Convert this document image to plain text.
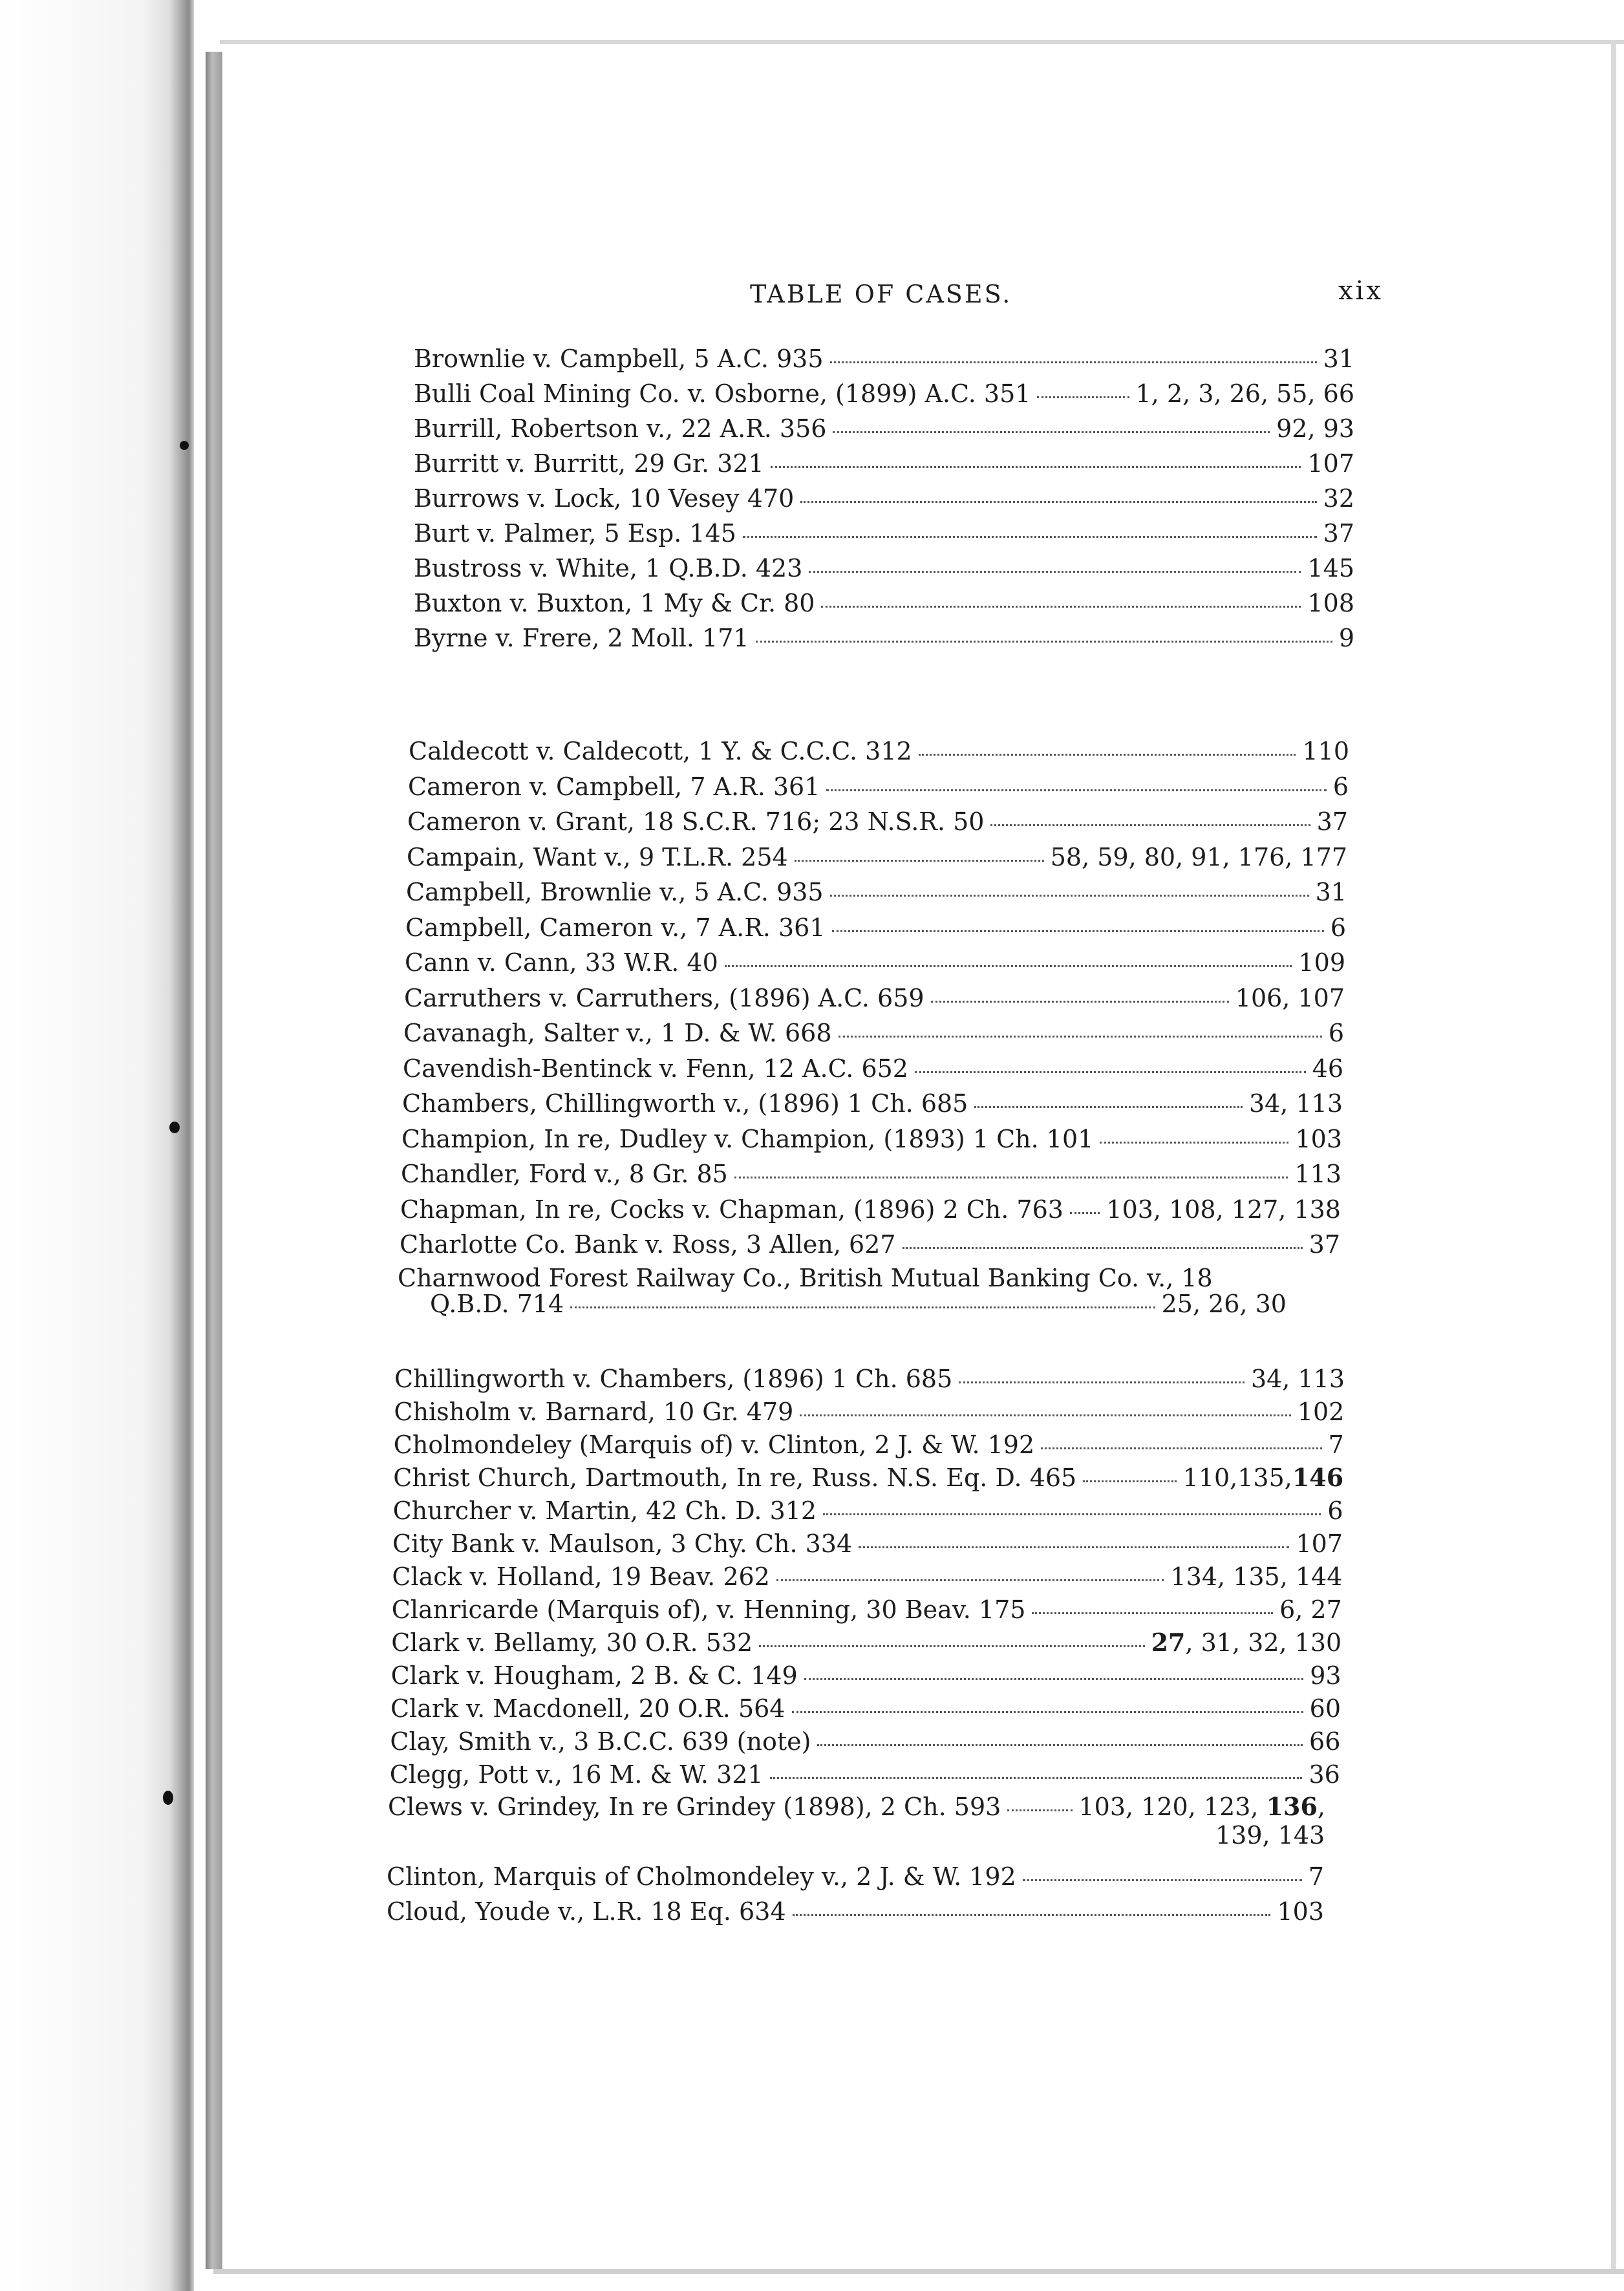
TABLE OF CASES.	xix
Brownlie v. Campbell, 5 A.C. 935	31
Bulli Coal Mining Co. v. Osborne, (1899) A.C. 351	1, 2, 3, 26, 55, 66
Burrill, Robertson v., 22 A.R. 356	92, 93
Burritt v. Burritt, 29 Gr. 321	107
Burrows v. Lock, 10 Vesey 470	32
Burt v. Palmer, 5 Esp. 145	37
Bustross v. White, 1 Q.B.D. 423	145
Buxton v. Buxton, 1 My & Cr. 80	108
Byrne v. Frere, 2 Moll. 171	9
Caldecott v. Caldecott, 1 Y. & C.C.C. 312	110
Cameron v. Campbell, 7 A.R. 361	6
Cameron v. Grant, 18 S.C.R. 716; 23 N.S.R. 50	37
Campain, Want v., 9 T.L.R. 254	58, 59, 80, 91, 176, 177
Campbell, Brownlie v., 5 A.C. 935	31
Campbell, Cameron v., 7 A.R. 361	6
Cann v. Cann, 33 W.R. 40	109
Carruthers v. Carruthers, (1896) A.C. 659	106, 107
Cavanagh, Salter v., 1 D. & W. 668	6
Cavendish-Bentinck v. Fenn, 12 A.C. 652	46
Chambers, Chillingworth v., (1896) 1 Ch. 685	34, 113
Champion, In re, Dudley v. Champion, (1893) 1 Ch. 101	103
Chandler, Ford v., 8 Gr. 85	113
Chapman, In re, Cocks v. Chapman, (1896) 2 Ch. 763 103, 108, 127, 138
Charlotte Co. Bank v. Ross, 3 Allen, 627	37
Charnwood Forest Railway Co., British Mutual Banking Co. v., 18
Q.B.D. 714	25, 26, 30
Chillingworth v. Chambers, (1896) 1 Ch. 685	34, 113
Chisholm v. Barnard, 10 Gr. 479	102
Cholmondeley (Marquis of) v. Clinton, 2 J. & W. 192	7
Christ Church, Dartmouth, In re, Russ. N.S. Eq. D. 465	110,135,146
Churcher v. Martin, 42 Ch. D. 312	6
City Bank v. Maulson, 3 Chy. Ch. 334	107
Clack v. Holland, 19 Beav. 262	134, 135, 144
Clanricarde (Marquis of), v. Henning, 30 Beav. 175	6, 27
Clark v. Bellamy, 30 O.R. 532	27, 31, 32, 130
Clark v. Hougham, 2 B. & C. 149	93
Clark v. Macdonell, 20 O.R. 564	60
Clay, Smith v., 3 B.C.C. 639 (note)	66
Clegg, Pott v., 16 M. & W. 321	36
Clews v. Grindey, In re Grindey (1898), 2 Ch. 593	103, 120, 123, 136,
139, 143
Clinton, Marquis of Cholmondeley v., 2 J. & W. 192	7
Cloud, Youde v., L.R. 18 Eq. 634	103
